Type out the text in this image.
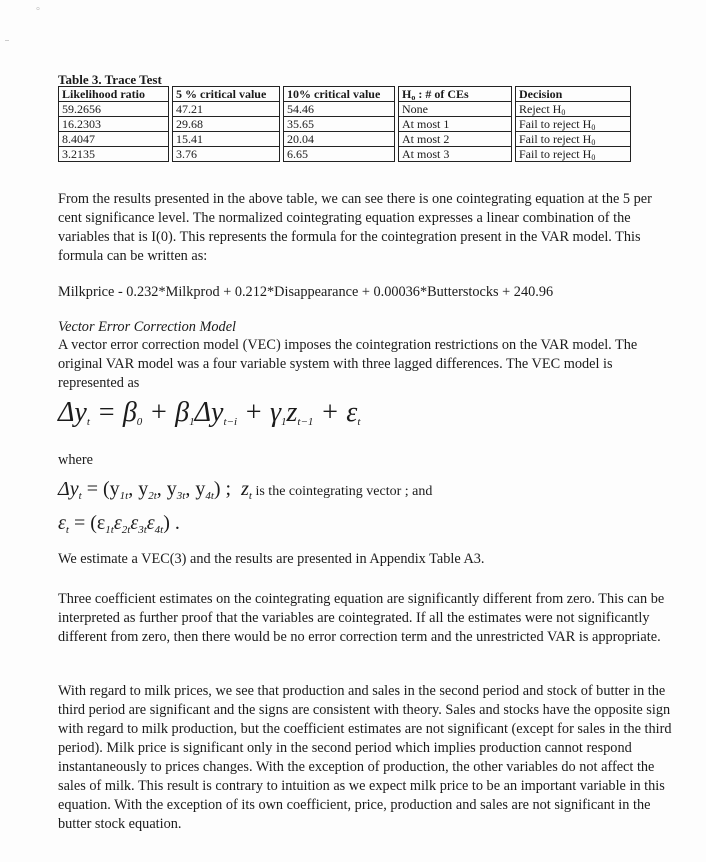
°
Table 3. Trace Test
Likelihood ratio		5 % critical value		10% critical value		$H_o$ : # of CEs		Decision
59.2656		47.21		54.46		None		Reject $H_0$
16.2303		29.68		35.65		At most 1		Fail to reject $H_0$
8.4047		15.41		20.04		At most 2		Fail to reject $H_0$
3.2135		3.76		6.65		At most 3		Fail to reject $H_0$

From the results presented in the above table, we can see there is one cointegrating equation at the 5 per cent significance level. The normalized cointegrating equation expresses a linear combination of the variables that is I(0). This represents the formula for the cointegration present in the VAR model. This formula can be written as:

Milkprice - 0.232*Milkprod + 0.212*Disappearance + 0.00036*Butterstocks + 240.96

Vector Error Correction Model

A vector error correction model (VEC) imposes the cointegration restrictions on the VAR model. The original VAR model was a four variable system with three lagged differences. The VEC model is represented as

$\Delta y_t = \beta_0 + \beta_1\Delta y_{t-i} + \gamma_1z_{t-1} + \varepsilon_t$

where

$\Delta y_t = (y_{1t}$, $y_{2t}$, $y_{3t}$, $y_{4t}$) ; $z_t$ is the cointegrating vector ; and
$\varepsilon_t = (\varepsilon_{1t}\varepsilon_{2t}\varepsilon_{3t}\varepsilon_{4t})$ .

We estimate a VEC(3) and the results are presented in Appendix Table A3.

Three coefficient estimates on the cointegrating equation are significantly different from zero. This can be interpreted as further proof that the variables are cointegrated. If all the estimates were not significantly different from zero, then there would be no error correction term and the unrestricted VAR is appropriate.

With regard to milk prices, we see that production and sales in the second period and stock of butter in the third period are significant and the signs are consistent with theory. Sales and stocks have the opposite sign with regard to milk production, but the coefficient estimates are not significant (except for sales in the third period). Milk price is significant only in the second period which implies production cannot respond instantaneously to prices changes. With the exception of production, the other variables do not affect the sales of milk. This result is contrary to intuition as we expect milk price to be an important variable in this equation. With the exception of its own coefficient, price, production and sales are not significant in the butter stock equation.
